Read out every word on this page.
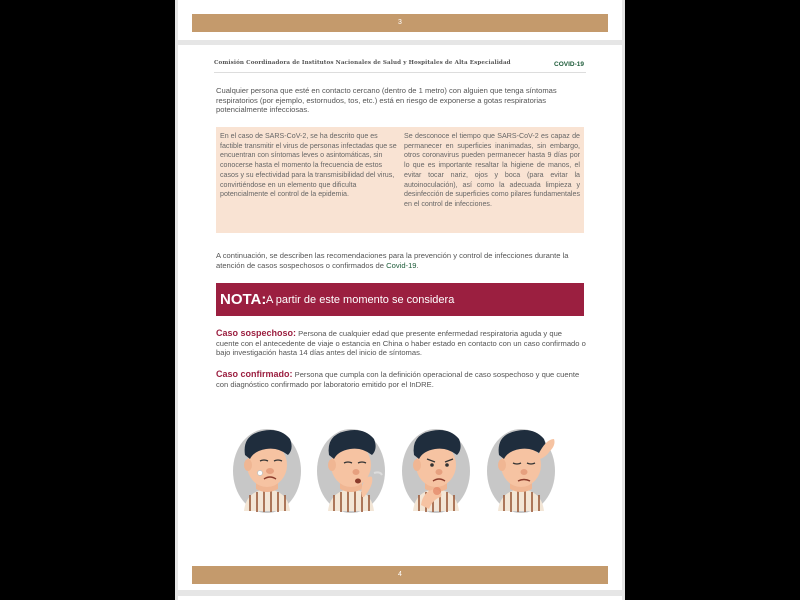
3
Comisión Coordinadora de Institutos Nacionales de Salud y Hospitales de Alta Especialidad	COVID-19

Cualquier persona que esté en contacto cercano (dentro de 1 metro) con alguien que tenga síntomas respiratorios (por ejemplo, estornudos, tos, etc.) está en riesgo de exponerse a gotas respiratorias potencialmente infecciosas.

En el caso de SARS-CoV-2, se ha descrito que es factible transmitir el virus de personas infectadas que se encuentran con síntomas leves o asintomáticas, sin conocerse hasta el momento la frecuencia de estos casos y su efectividad para la transmisibilidad del virus, convirtiéndose en un elemento que dificulta potencialmente el control de la epidemia.

Se desconoce el tiempo que SARS-CoV-2 es capaz de permanecer en superficies inanimadas, sin embargo, otros coronavirus pueden permanecer hasta 9 días por lo que es importante resaltar la higiene de manos, el evitar tocar nariz, ojos y boca (para evitar la autoinoculación), así como la adecuada limpieza y desinfección de superficies como pilares fundamentales en el control de infecciones.

A continuación, se describen las recomendaciones para la prevención y control de infecciones durante la atención de casos sospechosos o confirmados de Covid-19.

NOTA: A partir de este momento se considera

Caso sospechoso: Persona de cualquier edad que presente enfermedad respiratoria aguda y que cuente con el antecedente de viaje o estancia en China o haber estado en contacto con un caso confirmado o bajo investigación hasta 14 días antes del inicio de síntomas.

Caso confirmado: Persona que cumpla con la definición operacional de caso sospechoso y que cuente con diagnóstico confirmado por laboratorio emitido por el InDRE.

4
